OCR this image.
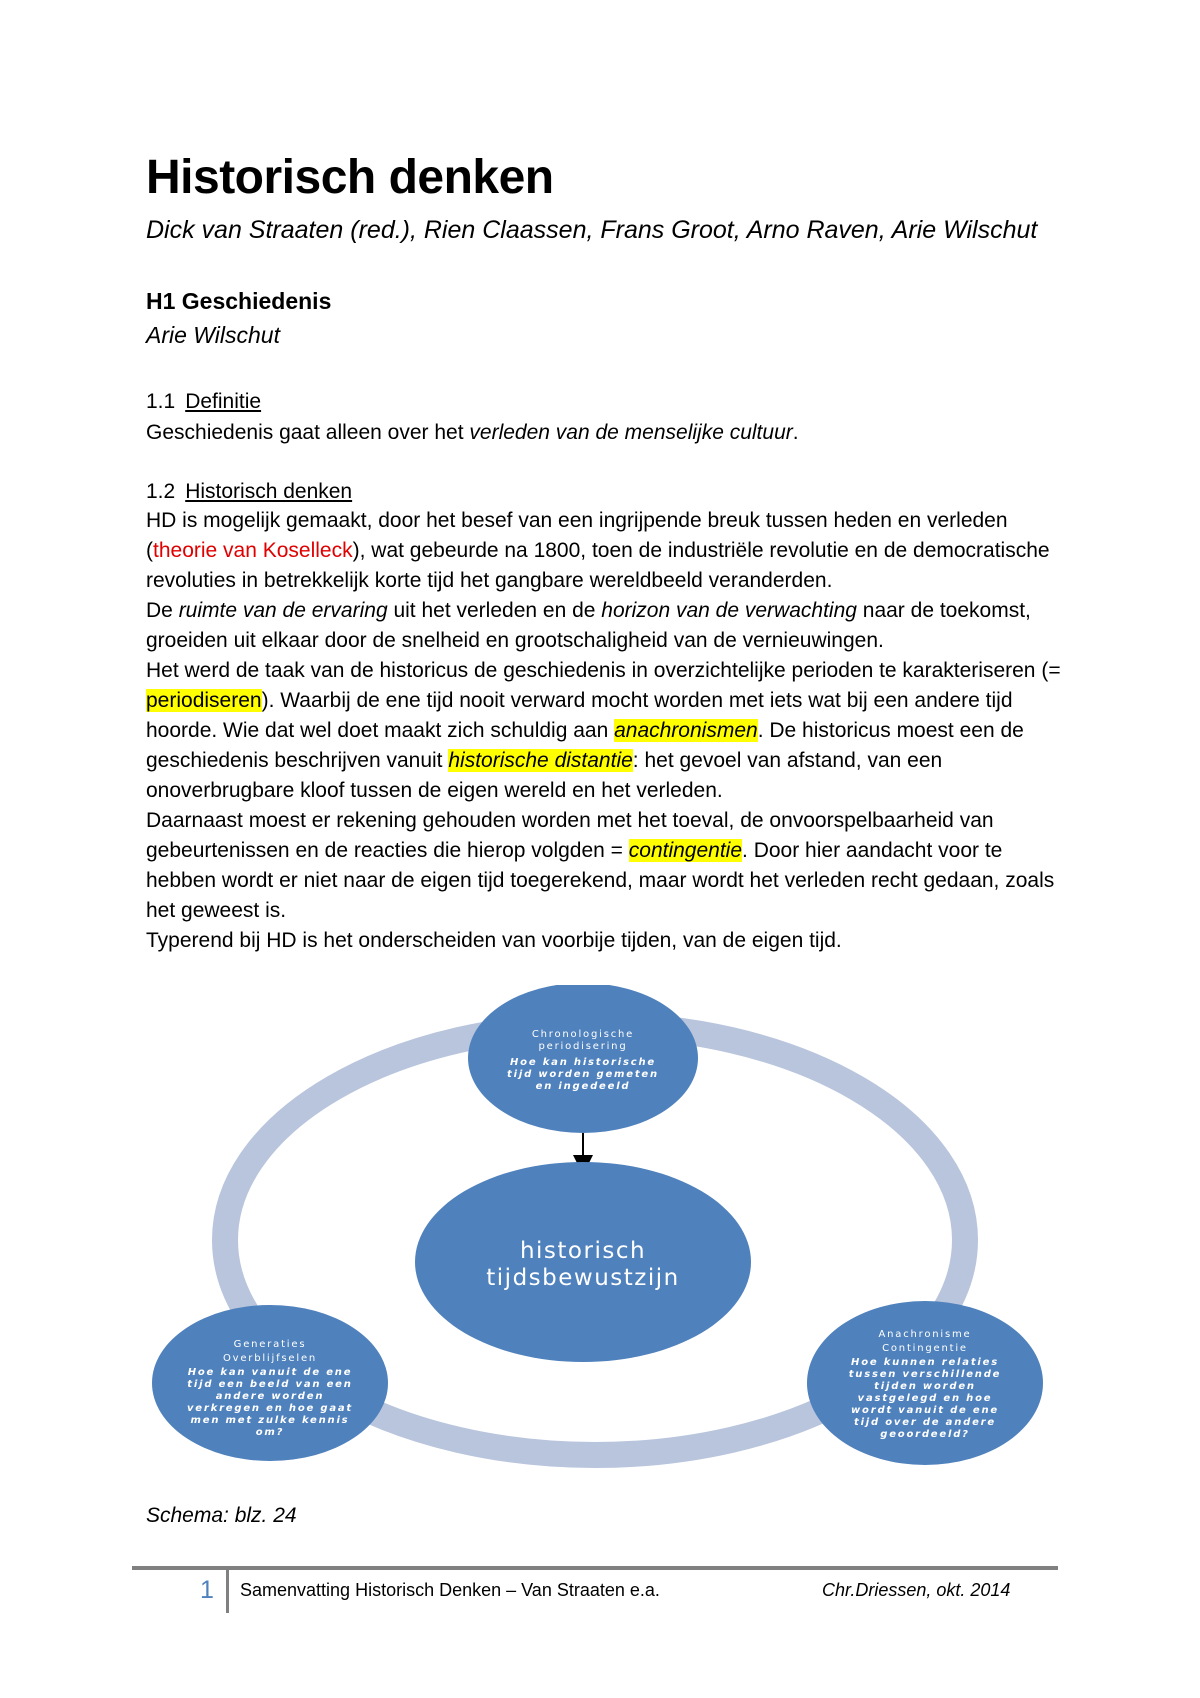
Historisch denken
Dick van Straaten (red.), Rien Claassen, Frans Groot, Arno Raven, Arie Wilschut
H1 Geschiedenis
Arie Wilschut
1.1 Definitie

Geschiedenis gaat alleen over het verleden van de menselijke cultuur.

1.2 Historisch denken

HD is mogelijk gemaakt, door het besef van een ingrijpende breuk tussen heden en verleden (theorie van Koselleck), wat gebeurde na 1800, toen de industriële revolutie en de democratische revoluties in betrekkelijk korte tijd het gangbare wereldbeeld veranderden.

De ruimte van de ervaring uit het verleden en de horizon van de verwachting naar de toekomst, groeiden uit elkaar door de snelheid en grootschaligheid van de vernieuwingen.

Het werd de taak van de historicus de geschiedenis in overzichtelijke perioden te karakteriseren (= periodiseren). Waarbij de ene tijd nooit verward mocht worden met iets wat bij een andere tijd hoorde. Wie dat wel doet maakt zich schuldig aan anachronismen. De historicus moest een de geschiedenis beschrijven vanuit historische distantie: het gevoel van afstand, van een onoverbrugbare kloof tussen de eigen wereld en het verleden.

Daarnaast moest er rekening gehouden worden met het toeval, de onvoorspelbaarheid van gebeurtenissen en de reacties die hierop volgden = contingentie. Door hier aandacht voor te hebben wordt er niet naar de eigen tijd toegerekend, maar wordt het verleden recht gedaan, zoals het geweest is.

Typerend bij HD is het onderscheiden van voorbije tijden, van de eigen tijd.

historisch
tijdsbewustzijn
Chronologische
periodisering
Hoe kan historische
tijd worden gemeten
en ingedeeld
Generaties
Overblijfselen
Hoe kan vanuit de ene
tijd een beeld van een
andere worden
verkregen en hoe gaat
men met zulke kennis
om?
Anachronisme
Contingentie
Hoe kunnen relaties
tussen verschillende
tijden worden
vastgelegd en hoe
wordt vanuit de ene
tijd over de andere
geoordeeld?
Schema: blz. 24
1 Samenvatting Historisch Denken – Van Straaten e.a.	Chr.Driessen, okt. 2014
